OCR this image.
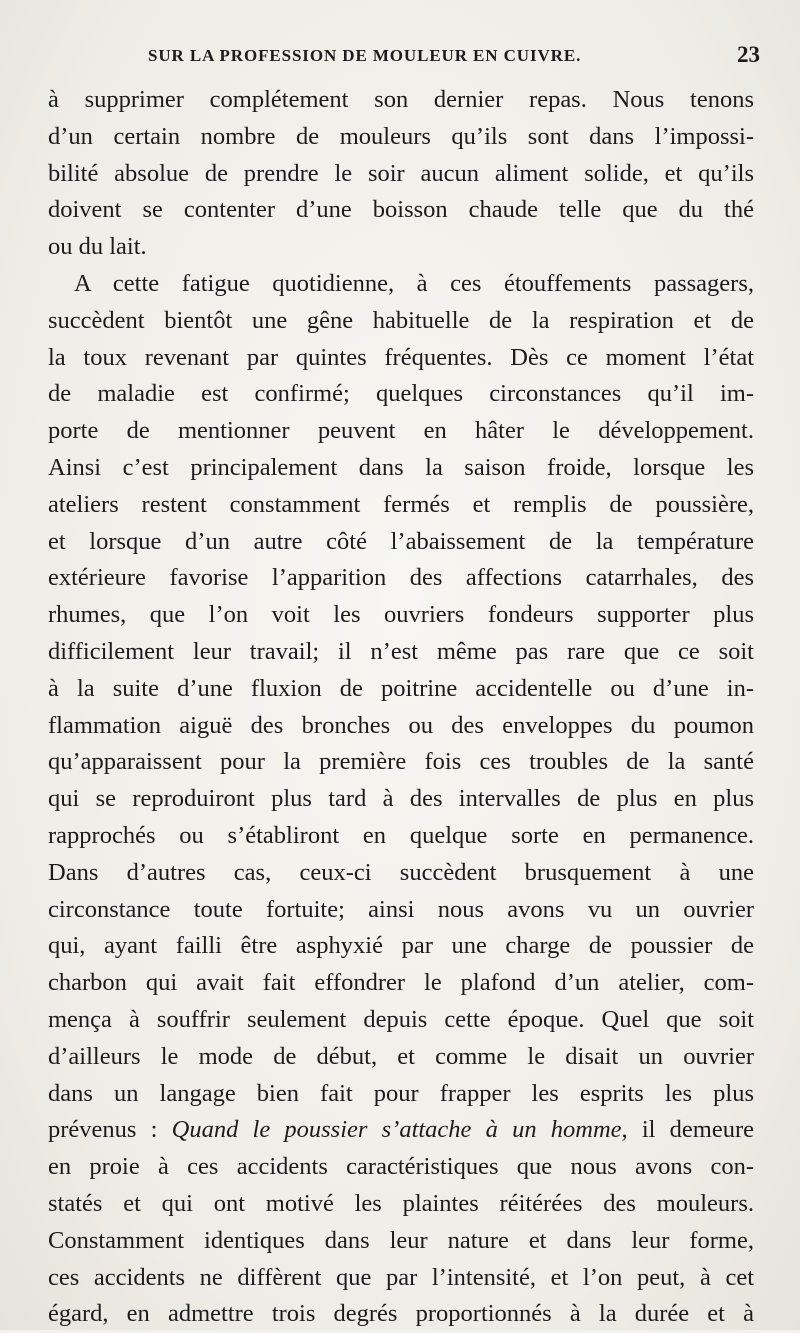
SUR LA PROFESSION DE MOULEUR EN CUIVRE.	23
à supprimer complétement son dernier repas. Nous tenons
d’un certain nombre de mouleurs qu’ils sont dans l’impossi-
bilité absolue de prendre le soir aucun aliment solide, et qu’ils
doivent se contenter d’une boisson chaude telle que du thé
ou du lait.
A cette fatigue quotidienne, à ces étouffements passagers,
succèdent bientôt une gêne habituelle de la respiration et de
la toux revenant par quintes fréquentes. Dès ce moment l’état
de maladie est confirmé; quelques circonstances qu’il im-
porte de mentionner peuvent en hâter le développement.
Ainsi c’est principalement dans la saison froide, lorsque les
ateliers restent constamment fermés et remplis de poussière,
et lorsque d’un autre côté l’abaissement de la température
extérieure favorise l’apparition des affections catarrhales, des
rhumes, que l’on voit les ouvriers fondeurs supporter plus
difficilement leur travail; il n’est même pas rare que ce soit
à la suite d’une fluxion de poitrine accidentelle ou d’une in-
flammation aiguë des bronches ou des enveloppes du poumon
qu’apparaissent pour la première fois ces troubles de la santé
qui se reproduiront plus tard à des intervalles de plus en plus
rapprochés ou s’établiront en quelque sorte en permanence.
Dans d’autres cas, ceux-ci succèdent brusquement à une
circonstance toute fortuite; ainsi nous avons vu un ouvrier
qui, ayant failli être asphyxié par une charge de poussier de
charbon qui avait fait effondrer le plafond d’un atelier, com-
mença à souffrir seulement depuis cette époque. Quel que soit
d’ailleurs le mode de début, et comme le disait un ouvrier
dans un langage bien fait pour frapper les esprits les plus
prévenus : Quand le poussier s’attache à un homme, il demeure
en proie à ces accidents caractéristiques que nous avons con-
statés et qui ont motivé les plaintes réitérées des mouleurs.
Constamment identiques dans leur nature et dans leur forme,
ces accidents ne diffèrent que par l’intensité, et l’on peut, à cet
égard, en admettre trois degrés proportionnés à la durée et à
